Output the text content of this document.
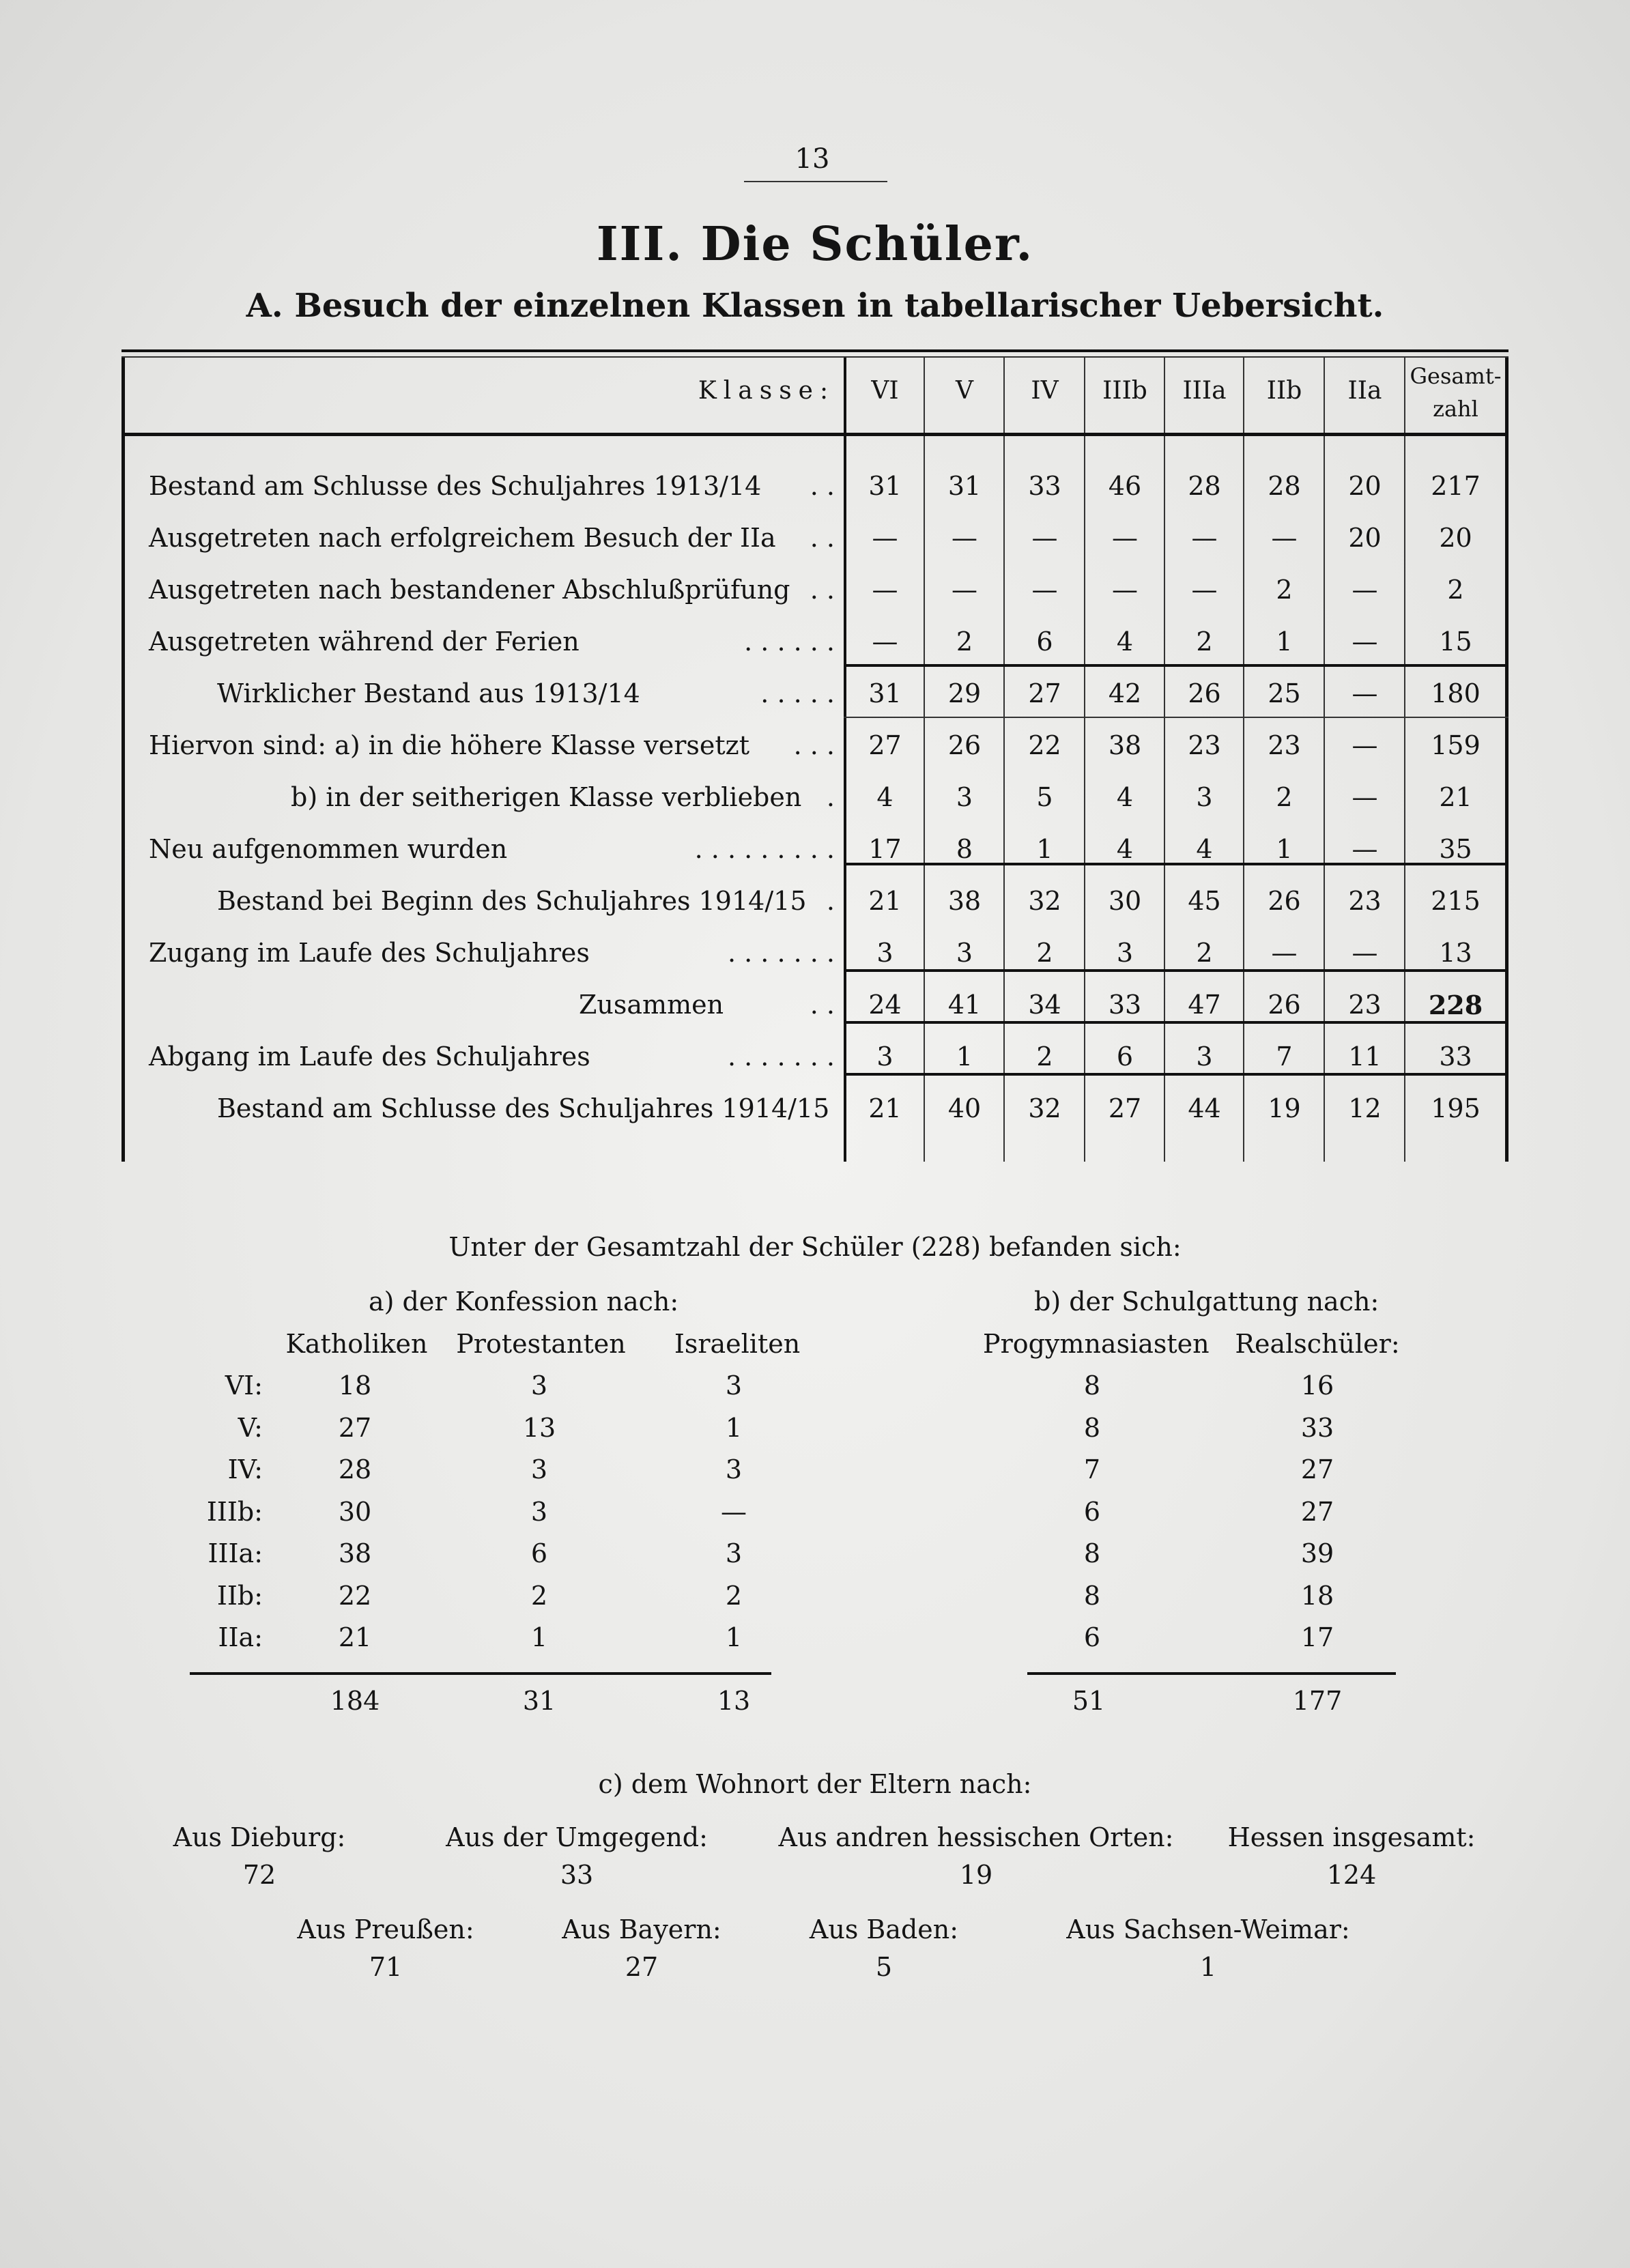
13
III. Die Schüler.
A. Besuch der einzelnen Klassen in tabellarischer Uebersicht.
Klasse:	VI	V	IV	IIIb	IIIa	IIb	IIa
Gesamt-
zahl
Bestand am Schlusse des Schuljahres 1913/14 . .	31	31	33	46	28	28	20	217
Ausgetreten nach erfolgreichem Besuch der IIa . .	—	—	—	—	—	—	20	20
Ausgetreten nach bestandener Abschlußprüfung . .	—	—	—	—	—	2	—	2
Ausgetreten während der Ferien	. . . . . .	—	2	6	4	2	1	—	15
Wirklicher Bestand aus 1913/14	. . . . .	31	29	27	42	26	25	—	180
Hiervon sind: a) in die höhere Klasse versetzt . . .	27	26	22	38	23	23	—	159
b) in der seitherigen Klasse verblieben .	4	3	5	4	3	2	—	21
Neu aufgenommen wurden	. . . . . . . . .	17	8	1	4	4	1	—	35
Bestand bei Beginn des Schuljahres 1914/15 .	21	38	32	30	45	26	23	215
Zugang im Laufe des Schuljahres	. . . . . . .	3	3	2	3	2	—	—	13
Zusammen	. .	24	41	34	33	47	26	23	228
Abgang im Laufe des Schuljahres	. . . . . . .	3	1	2	6	3	7	11	33
Bestand am Schlusse des Schuljahres 1914/15	21	40	32	27	44	19	12	195
Unter der Gesamtzahl der Schüler (228) befanden sich:
a) der Konfession nach:	b) der Schulgattung nach:
Katholiken	Protestanten	Israeliten	Progymnasiasten Realschüler:
VI:	18	3	3	8	16
V:	27	13	1	8	33
IV:	28	3	3	7	27
IIIb:	30	3	—	6	27
IIIa:	38	6	3	8	39
IIb:	22	2	2	8	18
IIa:	21	1	1	6	17
184	31	13	51	177
c) dem Wohnort der Eltern nach:
Aus Dieburg:
72
Aus der Umgegend:
33
Aus andren hessischen Orten:
19
Hessen insgesamt:
124
Aus Preußen:
71
Aus Bayern:
27
Aus Baden:
5
Aus Sachsen-Weimar:
1
